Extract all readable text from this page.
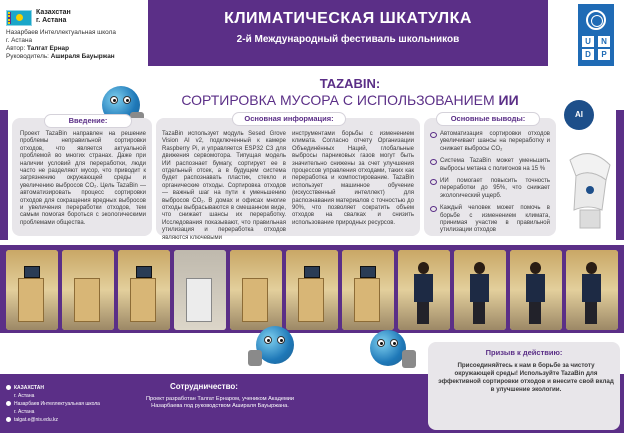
Казахстан
г. Астана
Назарбаев Интеллектуальная школа
г. Астана
Автор: Талгат Ернар
Руководитель: Ашираля Бауыржан
КЛИМАТИЧЕСКАЯ ШКАТУЛКА
2-й Международный фестиваль школьников	U	N
D	P
TAZABIN:
СОРТИРОВКА МУСОРА С ИСПОЛЬЗОВАНИЕМ ИИ
Введение:
Проект TazaBin направлен на решение проблемы неправильной сортировки отходов, что является актуальной проблемой во многих странах. Даже при наличии условий для переработки, люди часто не разделяют мусор, что приводит к загрязнению окружающей среды и увеличению выбросов CO₂. Цель TazaBin — автоматизировать процесс сортировки отходов для сокращения вредных выбросов и увеличения переработки отходов, тем самым помогая бороться с экологическими проблемами общества.
Основная информация:
TazaBin использует модуль Sesed Grove Vision AI v2, подключенный к камере Raspberry Pi, и управляется ESP32 C3 для движения сервомотора. Типущая модель ИИ распознает бумагу, сортирует ее в отдельный отсек, а в будущем система будет распознавать пластик, стекло и органические отходы. Сортировка отходов — важный шаг на пути к уменьшению выбросов CO₂. В домах и офисах многие отходы выбрасываются в смешанном виде, что снижает шансы их переработку. Исследования показывают, что правильная утилизация и переработка отходов являются ключевыми
инструментами борьбы с изменением климата. Согласно отчету Организации Объединённых Наций, глобальные выбросы парниковых газов могут быть значительно снижены за счет улучшения процессов управления отходами, таких как переработка и компостирование. TazaBin использует машинное обучение (искусственный интеллект) для распознавания материалов с точностью до 90%, что позволяет сократить объем отходов на свалках и снизить использование природных ресурсов.
Основные выводы:
Автоматизация сортировки отходов увеличивает шансы на переработку и снижает выбросы CO₂
Система TazaBin может уменьшить выбросы метана с полигонов на 15 %
ИИ помогает повысить точность переработки до 95%, что снижает экологический ущерб.
Каждый человек может помочь в борьбе с изменением климата, принимая участие в правильной утилизации отходов
AI
КАЗАХСТАН
г. Астана
Назарбаев Интеллектуальная школа
г. Астана
talgat.e@nis.edu.kz
Сотрудничество:
Проект разработан Талгат Ернаром, учеником Академии Назарбаева под руководством Ашираля Бауыржана.
Призыв к действию:
Присоединяйтесь к нам в борьбе за чистоту окружающей среды! Используйте TazaBin для эффективной сортировки отходов и внесите свой вклад в улучшение экологии.
